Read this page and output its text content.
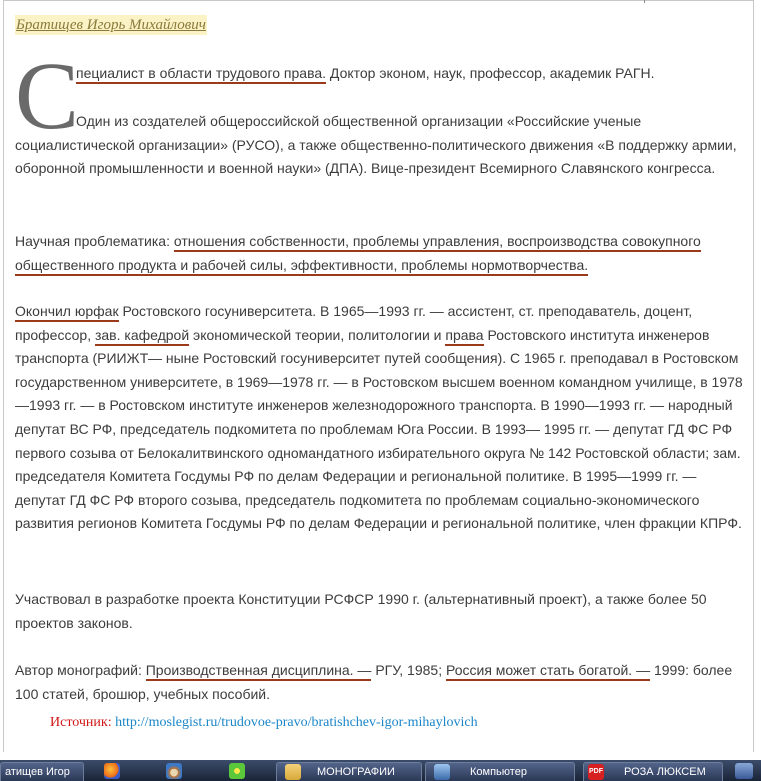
Братищев Игорь Михайлович

С

пециалист в области трудового права. Доктор эконом, наук, профессор, академик РАГН.

Один из создателей общероссийской общественной организации «Российские ученые социалистической организации» (РУСО), а также общественно-политического движения «В поддержку армии, оборонной промышленности и военной науки» (ДПА). Вице-президент Всемирного Славянского конгресса.

Научная проблематика: отношения собственности, проблемы управления, воспроизводства совокупного общественного продукта и рабочей силы, эффективности, проблемы нормотворчества.

Окончил юрфак Ростовского госуниверситета. В 1965—1993 гг. — ассистент, ст. преподаватель, доцент, профессор, зав. кафедрой экономической теории, политологии и права Ростовского института инженеров транспорта (РИИЖТ— ныне Ростовский госуниверситет путей сообщения). С 1965 г. преподавал в Ростовском государственном университете, в 1969—1978 гг. — в Ростовском высшем военном командном училище, в 1978—1993 гг. — в Ростовском институте инженеров железнодорожного транспорта. В 1990—1993 гг. — народный депутат ВС РФ, председатель подкомитета по проблемам Юга России. В 1993— 1995 гг. — депутат ГД ФС РФ первого созыва от Белокалитвинского одномандатного избирательного округа № 142 Ростовской области; зам. председателя Комитета Госдумы РФ по делам Федерации и региональной политике. В 1995—1999 гг. — депутат ГД ФС РФ второго созыва, председатель подкомитета по проблемам социально-экономического развития регионов Комитета Госдумы РФ по делам Федерации и региональной политике, член фракции КПРФ.

Участвовал в разработке проекта Конституции РСФСР 1990 г. (альтернативный проект), а также более 50 проектов законов.

Автор монографий: Производственная дисциплина. — РГУ, 1985; Россия может стать богатой. — 1999: более 100 статей, брошюр, учебных пособий.

Источник: http://moslegist.ru/trudovoe-pravo/bratishchev-igor-mihaylovich

атищев Игор	МОНОГРАФИИ	Компьютер	PDF РОЗА ЛЮКСЕМ
